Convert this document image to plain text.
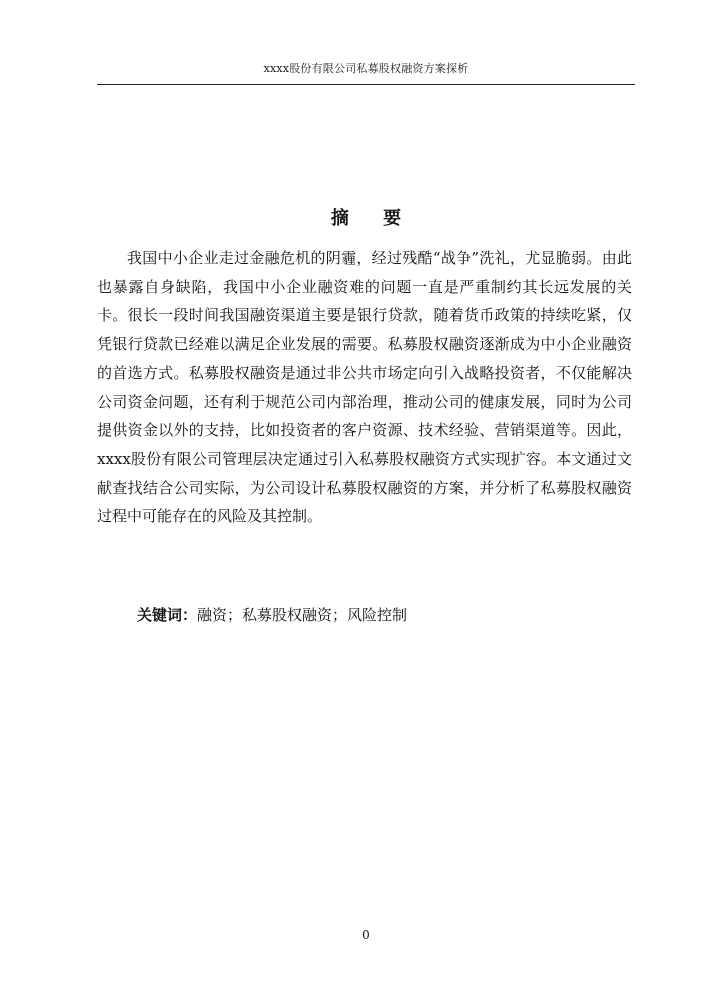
xxxx股份有限公司私募股权融资方案探析
摘 要

我国中小企业走过金融危机的阴霾，经过残酷“战争”洗礼，尤显脆弱。由此也暴露自身缺陷，我国中小企业融资难的问题一直是严重制约其长远发展的关卡。很长一段时间我国融资渠道主要是银行贷款，随着货币政策的持续吃紧，仅凭银行贷款已经难以满足企业发展的需要。私募股权融资逐渐成为中小企业融资的首选方式。私募股权融资是通过非公共市场定向引入战略投资者，不仅能解决公司资金问题，还有利于规范公司内部治理，推动公司的健康发展，同时为公司提供资金以外的支持，比如投资者的客户资源、技术经验、营销渠道等。因此，xxxx股份有限公司管理层决定通过引入私募股权融资方式实现扩容。本文通过文献查找结合公司实际，为公司设计私募股权融资的方案，并分析了私募股权融资过程中可能存在的风险及其控制。

关键词：融资；私募股权融资；风险控制
0
